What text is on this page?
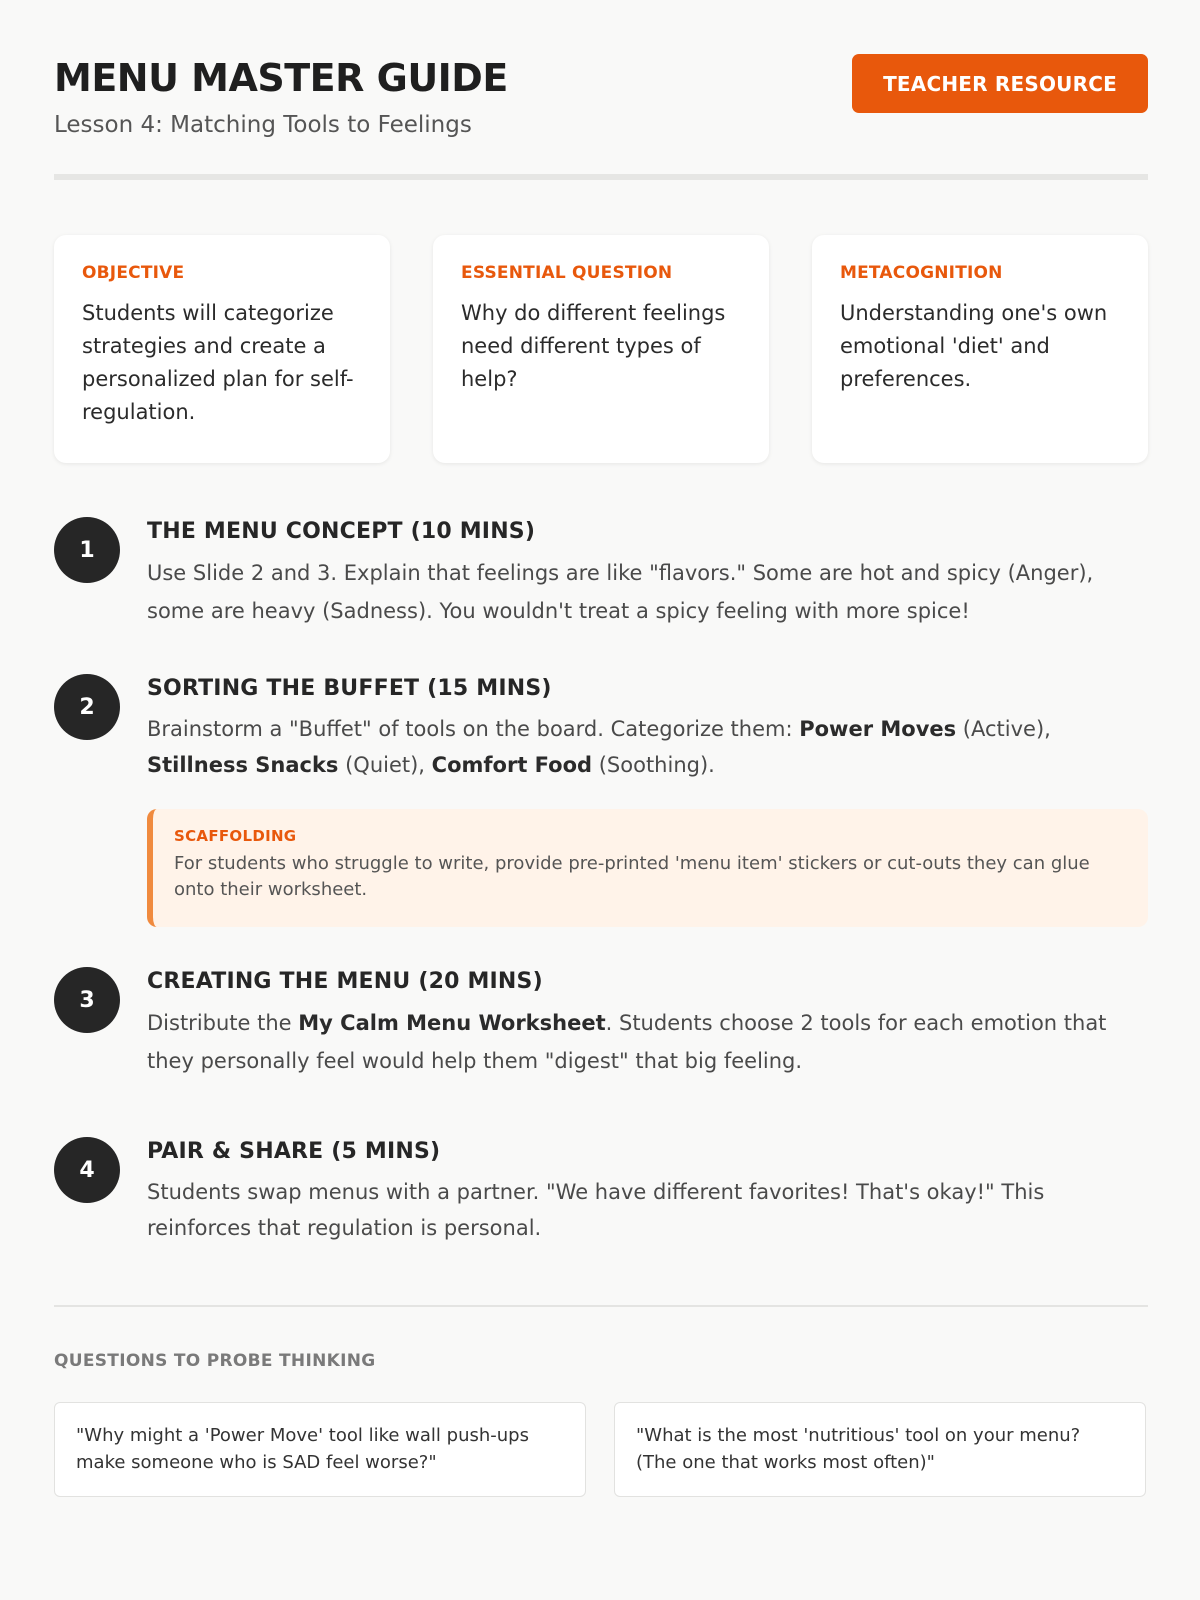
MENU MASTER GUIDE

Lesson 4: Matching Tools to Feelings

TEACHER RESOURCE

OBJECTIVE

Students will categorize strategies and create a personalized plan for self-regulation.

ESSENTIAL QUESTION

Why do different feelings need different types of help?

METACOGNITION

Understanding one's own emotional 'diet' and preferences.

1

THE MENU CONCEPT (10 MINS)

Use Slide 2 and 3. Explain that feelings are like "flavors." Some are hot and spicy (Anger), some are heavy (Sadness). You wouldn't treat a spicy feeling with more spice!

2

SORTING THE BUFFET (15 MINS)

Brainstorm a "Buffet" of tools on the board. Categorize them: Power Moves (Active), Stillness Snacks (Quiet), Comfort Food (Soothing).

SCAFFOLDING

For students who struggle to write, provide pre-printed 'menu item' stickers or cut-outs they can glue onto their worksheet.

3

CREATING THE MENU (20 MINS)

Distribute the My Calm Menu Worksheet. Students choose 2 tools for each emotion that they personally feel would help them "digest" that big feeling.

4

PAIR & SHARE (5 MINS)

Students swap menus with a partner. "We have different favorites! That's okay!" This reinforces that regulation is personal.

QUESTIONS TO PROBE THINKING

"Why might a 'Power Move' tool like wall push-ups make someone who is SAD feel worse?"
"What is the most 'nutritious' tool on your menu? (The one that works most often)"
